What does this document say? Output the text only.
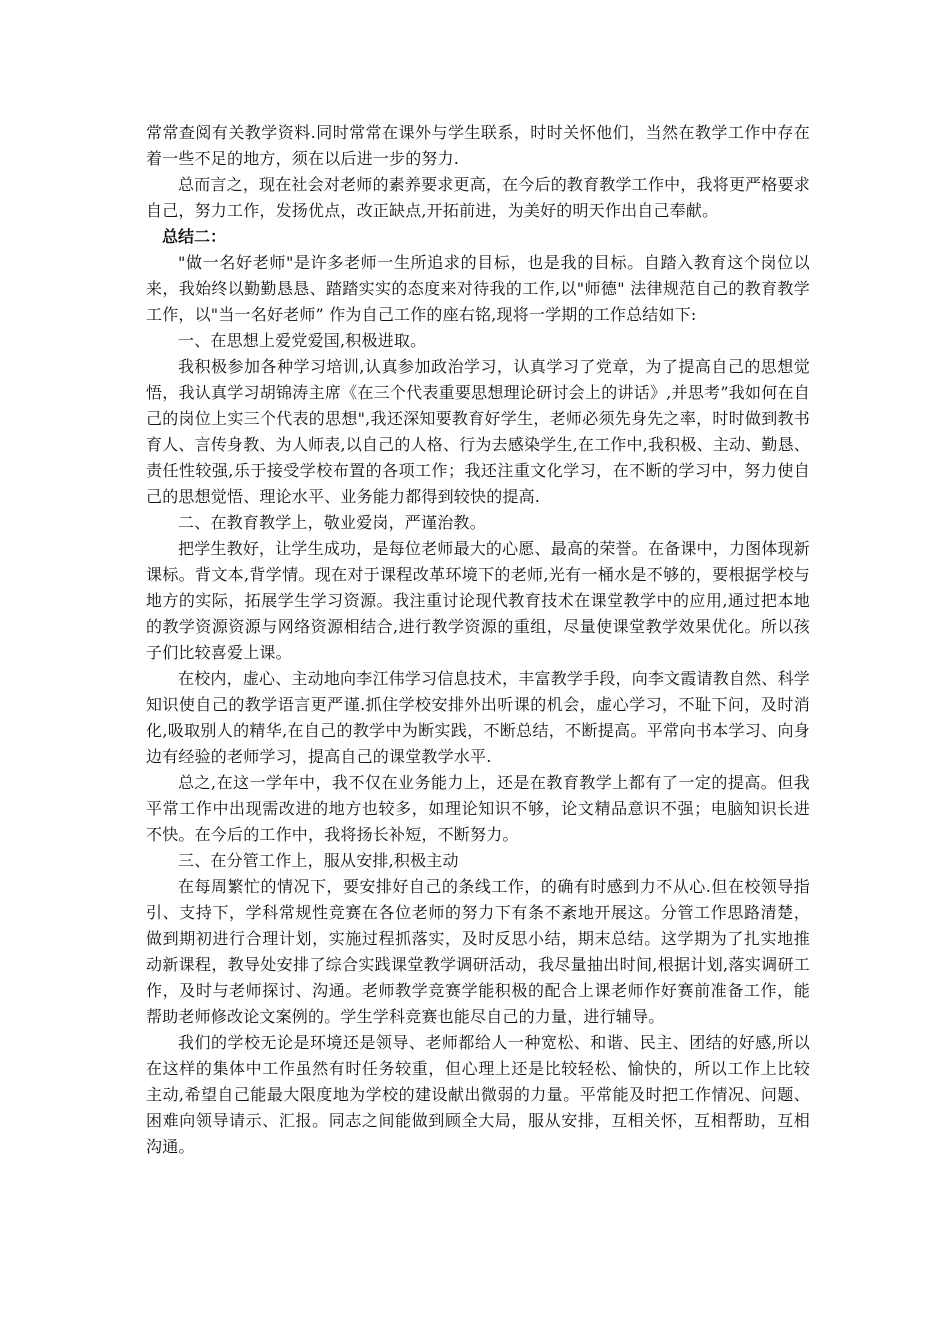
常常查阅有关教学资料.同时常常在课外与学生联系，时时关怀他们，当然在教学工作中存在着一些不足的地方，须在以后进一步的努力.

总而言之，现在社会对老师的素养要求更高，在今后的教育教学工作中，我将更严格要求自己，努力工作，发扬优点，改正缺点,开拓前进，为美好的明天作出自己奉献。

总结二：

"做一名好老师"是许多老师一生所追求的目标，也是我的目标。自踏入教育这个岗位以来，我始终以勤勤恳恳、踏踏实实的态度来对待我的工作,以"师德" 法律规范自己的教育教学工作，以"当一名好老师” 作为自己工作的座右铭,现将一学期的工作总结如下:

一、在思想上爱党爱国,积极进取。

我积极参加各种学习培训,认真参加政治学习，认真学习了党章，为了提高自己的思想觉悟，我认真学习胡锦涛主席《在三个代表重要思想理论研讨会上的讲话》,并思考”我如何在自己的岗位上实三个代表的思想",我还深知要教育好学生，老师必须先身先之率，时时做到教书育人、言传身教、为人师表,以自己的人格、行为去感染学生,在工作中,我积极、主动、勤恳、责任性较强,乐于接受学校布置的各项工作；我还注重文化学习，在不断的学习中，努力使自己的思想觉悟、理论水平、业务能力都得到较快的提高.

二、在教育教学上，敬业爱岗，严谨治教。

把学生教好，让学生成功，是每位老师最大的心愿、最高的荣誉。在备课中，力图体现新课标。背文本,背学情。现在对于课程改革环境下的老师,光有一桶水是不够的，要根据学校与地方的实际，拓展学生学习资源。我注重讨论现代教育技术在课堂教学中的应用,通过把本地的教学资源资源与网络资源相结合,进行教学资源的重组，尽量使课堂教学效果优化。所以孩子们比较喜爱上课。

在校内，虚心、主动地向李江伟学习信息技术，丰富教学手段，向李文霞请教自然、科学知识使自己的教学语言更严谨.抓住学校安排外出听课的机会，虚心学习，不耻下问，及时消化,吸取别人的精华,在自己的教学中为断实践，不断总结，不断提高。平常向书本学习、向身边有经验的老师学习，提高自己的课堂教学水平.

总之,在这一学年中，我不仅在业务能力上，还是在教育教学上都有了一定的提高。但我平常工作中出现需改进的地方也较多，如理论知识不够，论文精品意识不强；电脑知识长进不快。在今后的工作中，我将扬长补短，不断努力。

三、在分管工作上，服从安排,积极主动

在每周繁忙的情况下，要安排好自己的条线工作，的确有时感到力不从心.但在校领导指引、支持下，学科常规性竞赛在各位老师的努力下有条不紊地开展这。分管工作思路清楚，做到期初进行合理计划，实施过程抓落实，及时反思小结，期末总结。这学期为了扎实地推动新课程，教导处安排了综合实践课堂教学调研活动，我尽量抽出时间,根据计划,落实调研工作，及时与老师探讨、沟通。老师教学竞赛学能积极的配合上课老师作好赛前准备工作，能帮助老师修改论文案例的。学生学科竞赛也能尽自己的力量，进行辅导。

我们的学校无论是环境还是领导、老师都给人一种宽松、和谐、民主、团结的好感,所以在这样的集体中工作虽然有时任务较重，但心理上还是比较轻松、愉快的，所以工作上比较主动,希望自己能最大限度地为学校的建设献出微弱的力量。平常能及时把工作情况、问题、困难向领导请示、汇报。同志之间能做到顾全大局，服从安排，互相关怀，互相帮助，互相沟通。
